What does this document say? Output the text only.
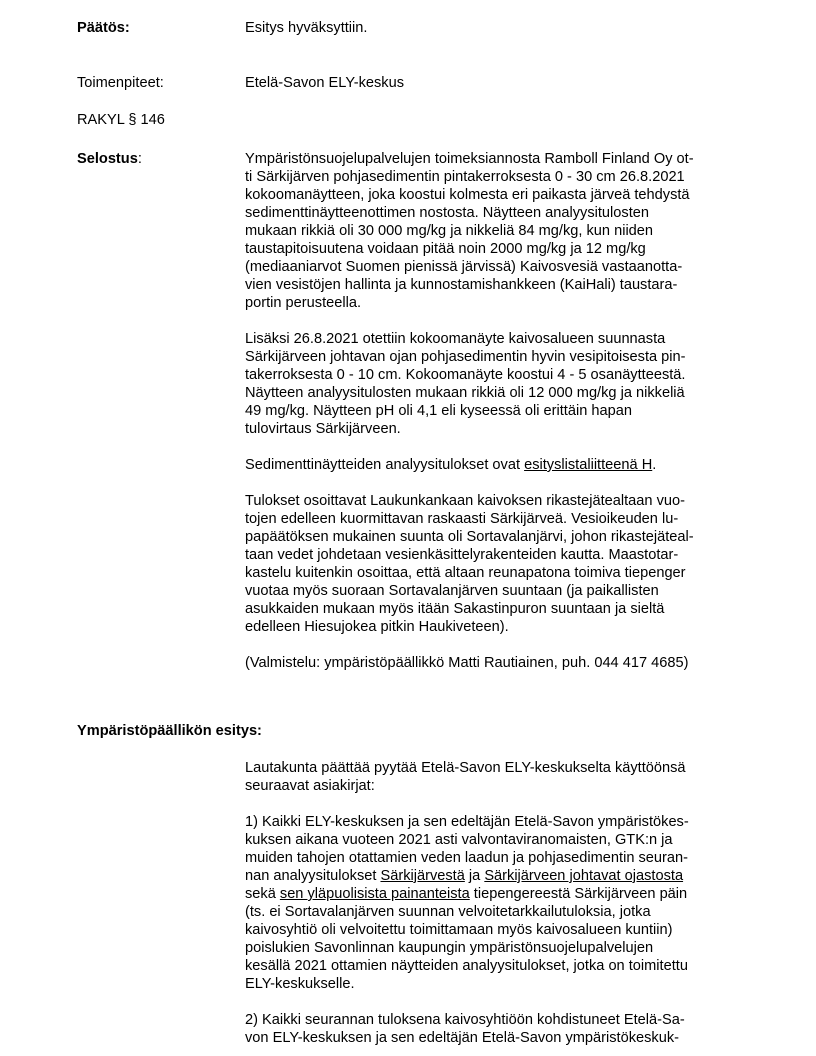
Päätös:	Esitys hyväksyttiin.
Toimenpiteet:	Etelä-Savon ELY-keskus
RAKYL § 146
Selostus:	Ympäristönsuojelupalvelujen toimeksiannosta Ramboll Finland Oy ot-
ti Särkijärven pohjasedimentin pintakerroksesta 0 - 30 cm 26.8.2021
kokoomanäytteen, joka koostui kolmesta eri paikasta järveä tehdystä
sedimenttinäytteenottimen nostosta. Näytteen analyysitulosten
mukaan rikkiä oli 30 000 mg/kg ja nikkeliä 84 mg/kg, kun niiden
taustapitoisuutena voidaan pitää noin 2000 mg/kg ja 12 mg/kg
(mediaaniarvot Suomen pienissä järvissä) Kaivosvesiä vastaanotta-
vien vesistöjen hallinta ja kunnostamishankkeen (KaiHali) taustara-
portin perusteella.
Lisäksi 26.8.2021 otettiin kokoomanäyte kaivosalueen suunnasta
Särkijärveen johtavan ojan pohjasedimentin hyvin vesipitoisesta pin-
takerroksesta 0 - 10 cm. Kokoomanäyte koostui 4 - 5 osanäytteestä.
Näytteen analyysitulosten mukaan rikkiä oli 12 000 mg/kg ja nikkeliä
49 mg/kg. Näytteen pH oli 4,1 eli kyseessä oli erittäin hapan
tulovirtaus Särkijärveen.
Sedimenttinäytteiden analyysitulokset ovat esityslistaliitteenä H.
Tulokset osoittavat Laukunkankaan kaivoksen rikastejätealtaan vuo-
tojen edelleen kuormittavan raskaasti Särkijärveä. Vesioikeuden lu-
papäätöksen mukainen suunta oli Sortavalanjärvi, johon rikastejäteal-
taan vedet johdetaan vesienkäsittelyrakenteiden kautta. Maastotar-
kastelu kuitenkin osoittaa, että altaan reunapatona toimiva tiepenger
vuotaa myös suoraan Sortavalanjärven suuntaan (ja paikallisten
asukkaiden mukaan myös itään Sakastinpuron suuntaan ja sieltä
edelleen Hiesujokea pitkin Haukiveteen).
(Valmistelu: ympäristöpäällikkö Matti Rautiainen, puh. 044 417 4685)
Ympäristöpäällikön esitys:
Lautakunta päättää pyytää Etelä-Savon ELY-keskukselta käyttöönsä
seuraavat asiakirjat:
1) Kaikki ELY-keskuksen ja sen edeltäjän Etelä-Savon ympäristökes-
kuksen aikana vuoteen 2021 asti valvontaviranomaisten, GTK:n ja
muiden tahojen otattamien veden laadun ja pohjasedimentin seuran-
nan analyysitulokset Särkijärvestä ja Särkijärveen johtavat ojastosta
sekä sen yläpuolisista painanteista tiepengereestä Särkijärveen päin
(ts. ei Sortavalanjärven suunnan velvoitetarkkailutuloksia, jotka
kaivosyhtiö oli velvoitettu toimittamaan myös kaivosalueen kuntiin)
poislukien Savonlinnan kaupungin ympäristönsuojelupalvelujen
kesällä 2021 ottamien näytteiden analyysitulokset, jotka on toimitettu
ELY-keskukselle.
2) Kaikki seurannan tuloksena kaivosyhtiöön kohdistuneet Etelä-Sa-
von ELY-keskuksen ja sen edeltäjän Etelä-Savon ympäristökeskuk-
